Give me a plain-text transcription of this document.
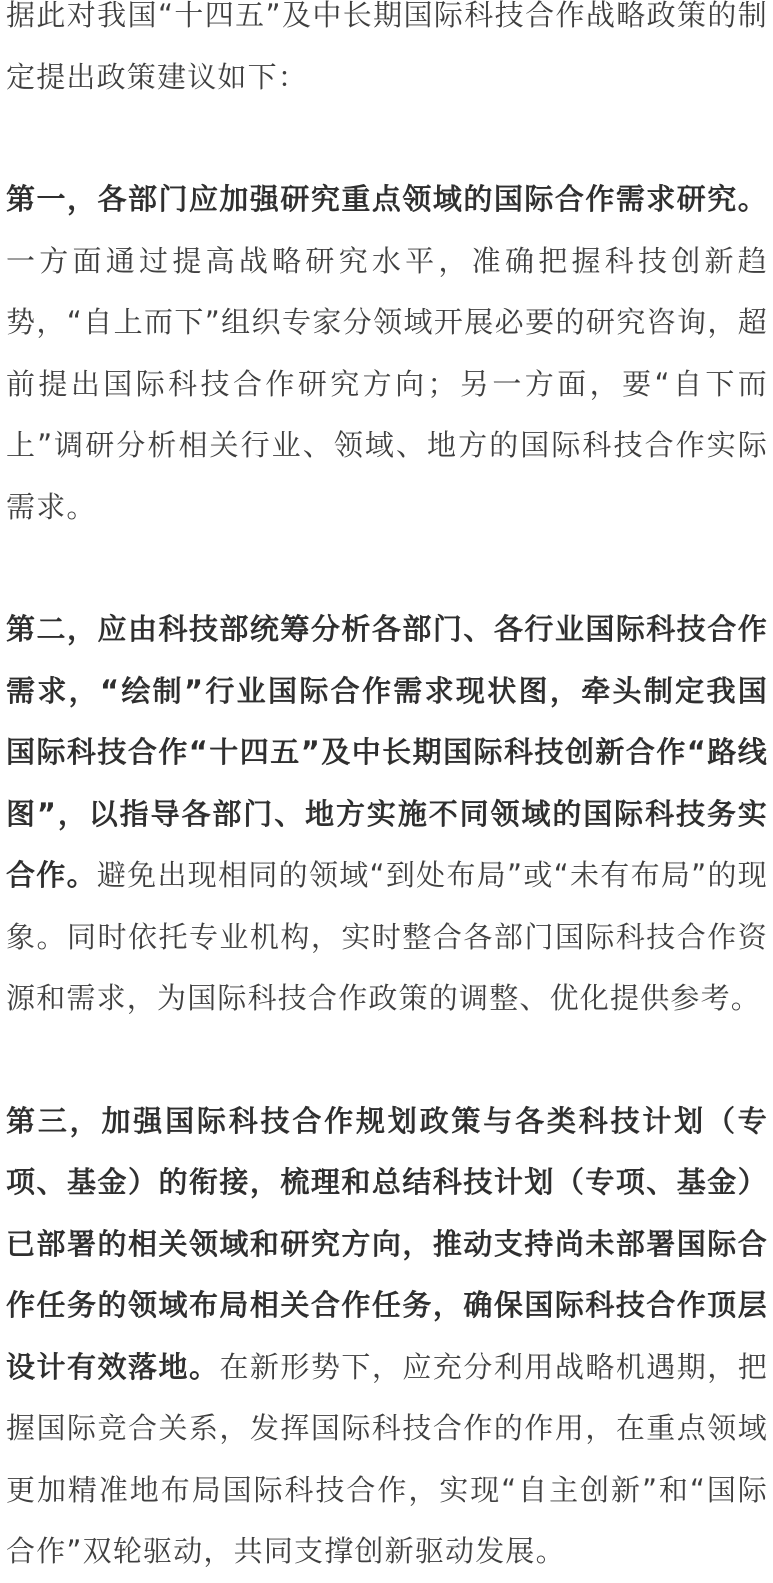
据此对我国“十四五”及中长期国际科技合作战略政策的制定提出政策建议如下：

第一，各部门应加强研究重点领域的国际合作需求研究。一方面通过提高战略研究水平，准确把握科技创新趋势，“自上而下”组织专家分领域开展必要的研究咨询，超前提出国际科技合作研究方向；另一方面，要“自下而上”调研分析相关行业、领域、地方的国际科技合作实际需求。

第二，应由科技部统筹分析各部门、各行业国际科技合作需求，“绘制”行业国际合作需求现状图，牵头制定我国国际科技合作“十四五”及中长期国际科技创新合作“路线图”，以指导各部门、地方实施不同领域的国际科技务实合作。避免出现相同的领域“到处布局”或“未有布局”的现象。同时依托专业机构，实时整合各部门国际科技合作资源和需求，为国际科技合作政策的调整、优化提供参考。

第三，加强国际科技合作规划政策与各类科技计划（专项、基金）的衔接，梳理和总结科技计划（专项、基金）已部署的相关领域和研究方向，推动支持尚未部署国际合作任务的领域布局相关合作任务，确保国际科技合作顶层设计有效落地。在新形势下，应充分利用战略机遇期，把握国际竞合关系，发挥国际科技合作的作用，在重点领域更加精准地布局国际科技合作，实现“自主创新”和“国际合作”双轮驱动，共同支撑创新驱动发展。
